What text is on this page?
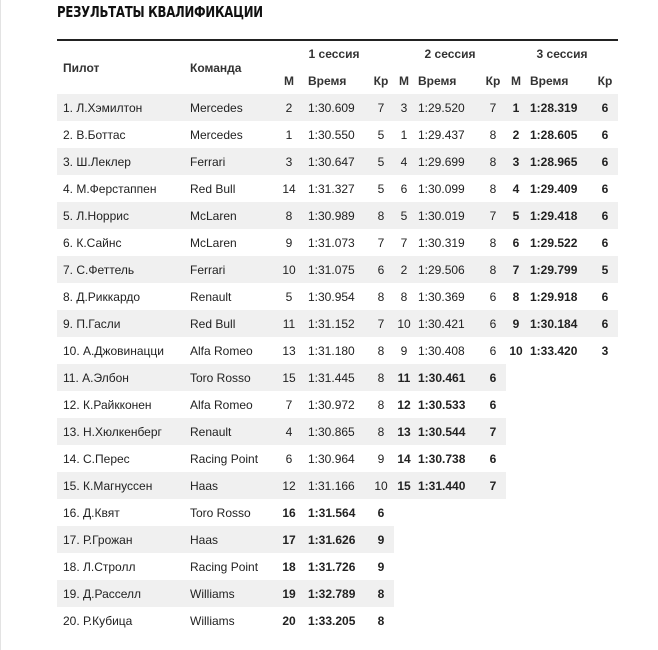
РЕЗУЛЬТАТЫ КВАЛИФИКАЦИИ
Пилот	Команда	1 сессия			2 сессия			3 сессия		
		М	Время	Кр	М	Время	Кр	М	Время	Кр
1. Л.Хэмилтон	Mercedes	2	1:30.609	7	3	1:29.520	7	1	1:28.319	6
2. В.Боттас	Mercedes	1	1:30.550	5	1	1:29.437	8	2	1:28.605	6
3. Ш.Леклер	Ferrari	3	1:30.647	5	4	1:29.699	8	3	1:28.965	6
4. М.Ферстаппен	Red Bull	14	1:31.327	5	6	1:30.099	8	4	1:29.409	6
5. Л.Норрис	McLaren	8	1:30.989	8	5	1:30.019	7	5	1:29.418	6
6. К.Сайнс	McLaren	9	1:31.073	7	7	1:30.319	8	6	1:29.522	6
7. С.Феттель	Ferrari	10	1:31.075	6	2	1:29.506	8	7	1:29.799	5
8. Д.Риккардо	Renault	5	1:30.954	8	8	1:30.369	6	8	1:29.918	6
9. П.Гасли	Red Bull	11	1:31.152	7	10	1:30.421	6	9	1:30.184	6
10. А.Джовинацци	Alfa Romeo	13	1:31.180	8	9	1:30.408	6	10	1:33.420	3
11. А.Элбон	Toro Rosso	15	1:31.445	8	11	1:30.461	6			
12. К.Райкконен	Alfa Romeo	7	1:30.972	8	12	1:30.533	6			
13. Н.Хюлкенберг	Renault	4	1:30.865	8	13	1:30.544	7			
14. С.Перес	Racing Point	6	1:30.964	9	14	1:30.738	6			
15. К.Магнуссен	Haas	12	1:31.166	10	15	1:31.440	7			
16. Д.Квят	Toro Rosso	16	1:31.564	6						
17. Р.Грожан	Haas	17	1:31.626	9						
18. Л.Стролл	Racing Point	18	1:31.726	9						
19. Д.Расселл	Williams	19	1:32.789	8						
20. Р.Кубица	Williams	20	1:33.205	8						
